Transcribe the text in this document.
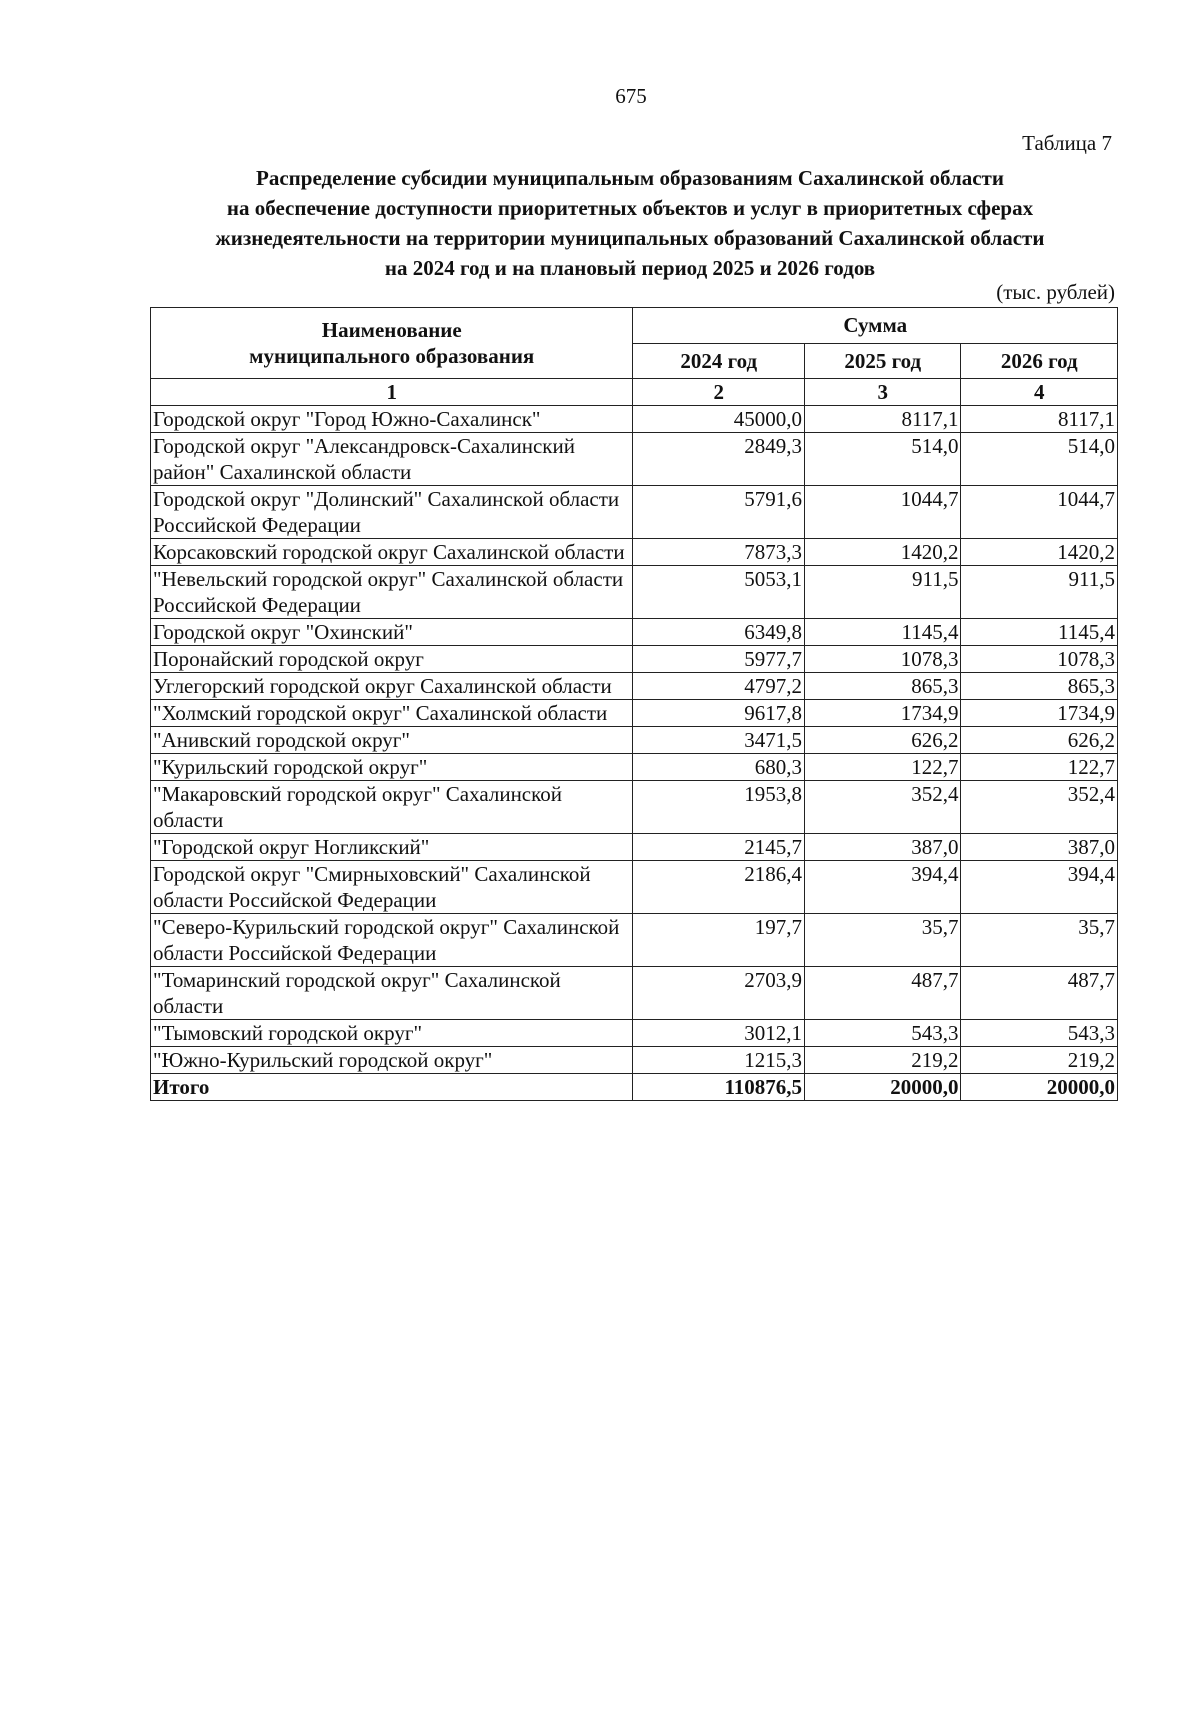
675
Таблица 7
Распределение субсидии муниципальным образованиям Сахалинской области
на обеспечение доступности приоритетных объектов и услуг в приоритетных сферах
жизнедеятельности на территории муниципальных образований Сахалинской области
на 2024 год и на плановый период 2025 и 2026 годов
(тыс. рублей)
Наименование
муниципального образования	Сумма		
	2024 год	2025 год	2026 год
1	2	3	4
Городской округ "Город Южно-Сахалинск"	45000,0	8117,1	8117,1
Городской округ "Александровск-Сахалинский район" Сахалинской области	2849,3	514,0	514,0
Городской округ "Долинский" Сахалинской области Российской Федерации	5791,6	1044,7	1044,7
Корсаковский городской округ Сахалинской области	7873,3	1420,2	1420,2
"Невельский городской округ" Сахалинской области Российской Федерации	5053,1	911,5	911,5
Городской округ "Охинский"	6349,8	1145,4	1145,4
Поронайский городской округ	5977,7	1078,3	1078,3
Углегорский городской округ Сахалинской области	4797,2	865,3	865,3
"Холмский городской округ" Сахалинской области	9617,8	1734,9	1734,9
"Анивский городской округ"	3471,5	626,2	626,2
"Курильский городской округ"	680,3	122,7	122,7
"Макаровский городской округ" Сахалинской области	1953,8	352,4	352,4
"Городской округ Ногликский"	2145,7	387,0	387,0
Городской округ "Смирныховский" Сахалинской области Российской Федерации	2186,4	394,4	394,4
"Северо-Курильский городской округ" Сахалинской области Российской Федерации	197,7	35,7	35,7
"Томаринский городской округ" Сахалинской области	2703,9	487,7	487,7
"Тымовский городской округ"	3012,1	543,3	543,3
"Южно-Курильский городской округ"	1215,3	219,2	219,2
Итого	110876,5	20000,0	20000,0
